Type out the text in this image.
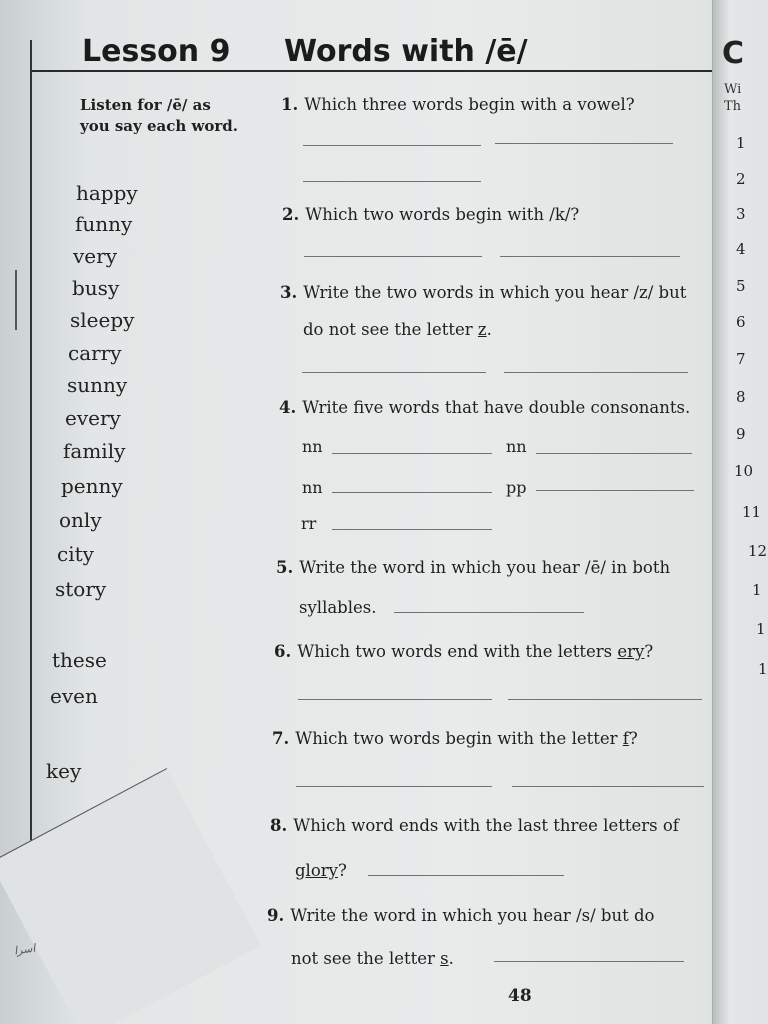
C
Wi
Th
1
2
3
4
5
6
7
8
9
10
11
12
1
1
1
Lesson 9 Words with /ē/
Listen for /ē/ as you say each word.
happy
funny
very
busy
sleepy
carry
sunny
every
family
penny
only
city
story
these
even
key
1. Which three words begin with a vowel?
2. Which two words begin with /k/?
3. Write the two words in which you hear /z/ but
do not see the letter z.
4. Write five words that have double consonants.
nn	nn
nn	pp
rr
5. Write the word in which you hear /ē/ in both
syllables.
6. Which two words end with the letters ery?
7. Which two words begin with the letter f?
8. Which word ends with the last three letters of
glory?
9. Write the word in which you hear /s/ but do
not see the letter s.
48
اسرا
